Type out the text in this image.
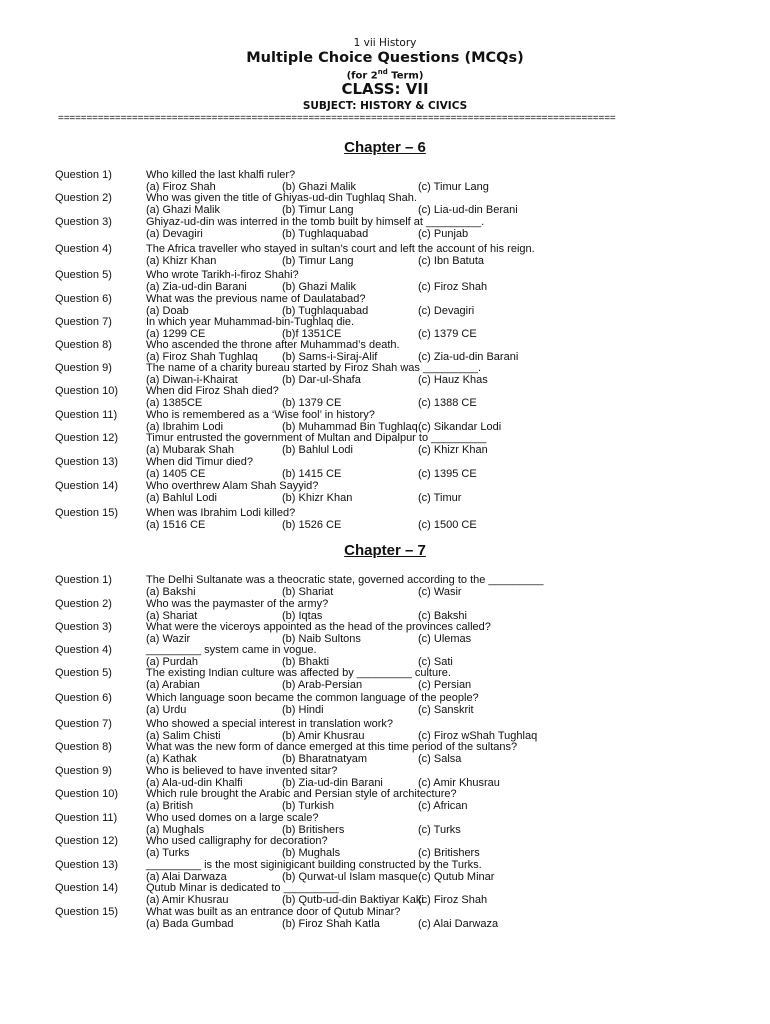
1 vii History
Multiple Choice Questions (MCQs)
(for 2nd Term)
CLASS: VII
SUBJECT: HISTORY & CIVICS
==================================================================================================
Chapter – 6
Question 1)	Who killed the last khalfi ruler?
(a) Firoz Shah	(b) Ghazi Malik	(c) Timur Lang
Question 2)	Who was given the title of Ghiyas-ud-din Tughlaq Shah.
(a) Ghazi Malik	(b) Timur Lang	(c) Lia-ud-din Berani
Question 3)	Ghiyaz-ud-din was interred in the tomb built by himself at _________.
(a) Devagiri	(b) Tughlaquabad	(c) Punjab
Question 4)	The Africa traveller who stayed in sultan’s court and left the account of his reign.
(a) Khizr Khan	(b) Timur Lang	(c) Ibn Batuta
Question 5)	Who wrote Tarikh-i-firoz Shahi?
(a) Zia-ud-din Barani	(b) Ghazi Malik	(c) Firoz Shah
Question 6)	What was the previous name of Daulatabad?
(a) Doab	(b) Tughlaquabad	(c) Devagiri
Question 7)	In which year Muhammad-bin-Tughlaq die.
(a) 1299 CE	(b)f 1351CE	(c) 1379 CE
Question 8)	Who ascended the throne after Muhammad’s death.
(a) Firoz Shah Tughlaq (b) Sams-i-Siraj-Alif	(c) Zia-ud-din Barani
Question 9)	The name of a charity bureau started by Firoz Shah was _________.
(a) Diwan-i-Khairat	(b) Dar-ul-Shafa	(c) Hauz Khas
Question 10)	When did Firoz Shah died?
(a) 1385CE	(b) 1379 CE	(c) 1388 CE
Question 11)	Who is remembered as a ‘Wise fool’ in history?
(a) Ibrahim Lodi	(b) Muhammad Bin Tughlaq (c) Sikandar Lodi
Question 12)	Timur entrusted the government of Multan and Dipalpur to _________
(a) Mubarak Shah	(b) Bahlul Lodi	(c) Khizr Khan
Question 13)	When did Timur died?
(a) 1405 CE	(b) 1415 CE	(c) 1395 CE
Question 14)	Who overthrew Alam Shah Sayyid?
(a) Bahlul Lodi	(b) Khizr Khan	(c) Timur
Question 15)	When was Ibrahim Lodi killed?
(a) 1516 CE	(b) 1526 CE	(c) 1500 CE
Chapter – 7
Question 1)	The Delhi Sultanate was a theocratic state, governed according to the _________
(a) Bakshi	(b) Shariat	(c) Wasir
Question 2)	Who was the paymaster of the army?
(a) Shariat	(b) Iqtas	(c) Bakshi
Question 3)	What were the viceroys appointed as the head of the provinces called?
(a) Wazir	(b) Naib Sultons	(c) Ulemas
Question 4)	_________ system came in vogue.
(a) Purdah	(b) Bhakti	(c) Sati
Question 5)	The existing Indian culture was affected by _________ culture.
(a) Arabian	(b) Arab-Persian	(c) Persian
Question 6)	Which language soon became the common language of the people?
(a) Urdu	(b) Hindi	(c) Sanskrit
Question 7)	Who showed a special interest in translation work?
(a) Salim Chisti	(b) Amir Khusrau	(c) Firoz wShah Tughlaq
Question 8)	What was the new form of dance emerged at this time period of the sultans?
(a) Kathak	(b) Bharatnatyam	(c) Salsa
Question 9)	Who is believed to have invented sitar?
(a) Ala-ud-din Khalfi	(b) Zia-ud-din Barani	(c) Amir Khusrau
Question 10)	Which rule brought the Arabic and Persian style of architecture?
(a) British	(b) Turkish	(c) African
Question 11)	Who used domes on a large scale?
(a) Mughals	(b) Britishers	(c) Turks
Question 12)	Who used calligraphy for decoration?
(a) Turks	(b) Mughals	(c) Britishers
Question 13)	_________ is the most siginigicant building constructed by the Turks.
(a) Alai Darwaza	(b) Qurwat-ul Islam masque (c) Qutub Minar
Question 14)	Qutub Minar is dedicated to _________
(a) Amir Khusrau	(b) Qutb-ud-din Baktiyar Kaki
(c) Firoz Shah
Question 15)	What was built as an entrance door of Qutub Minar?
(a) Bada Gumbad	(b) Firoz Shah Katla	(c) Alai Darwaza
